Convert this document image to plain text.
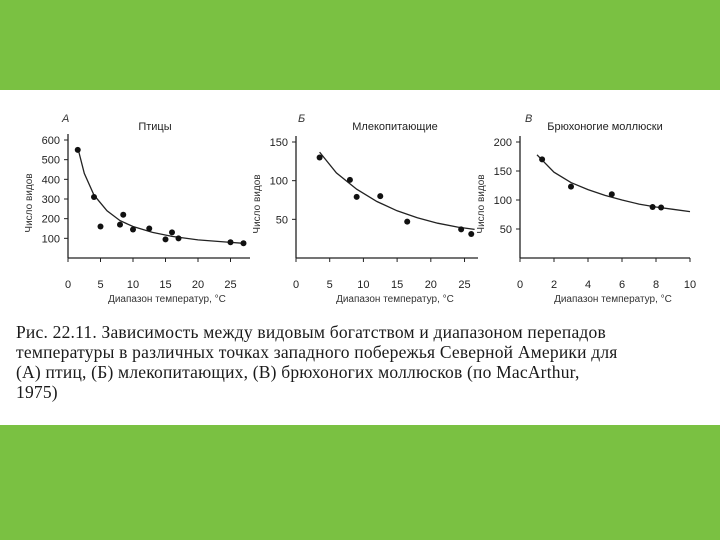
0 5 10 15 20 25
600
500
400
300
200
100
Птицы
А
Диапазон температур, °С
Число видов
0	5 10 15 20 25
150
100
50
Млекопитающие
Б
Диапазон температур, °С
Число видов
0	2	4	6	8 10
200
150
100
50
Брюхоногие моллюски
В
Диапазон температур, °С
Число видов
Рис. 22.11. Зависимость между видовым богатством и диапазоном перепадов
температуры в различных точках западного побережья Северной Америки для
(А) птиц, (Б) млекопитающих, (В) брюхоногих моллюсков (по MacArthur,
1975)
